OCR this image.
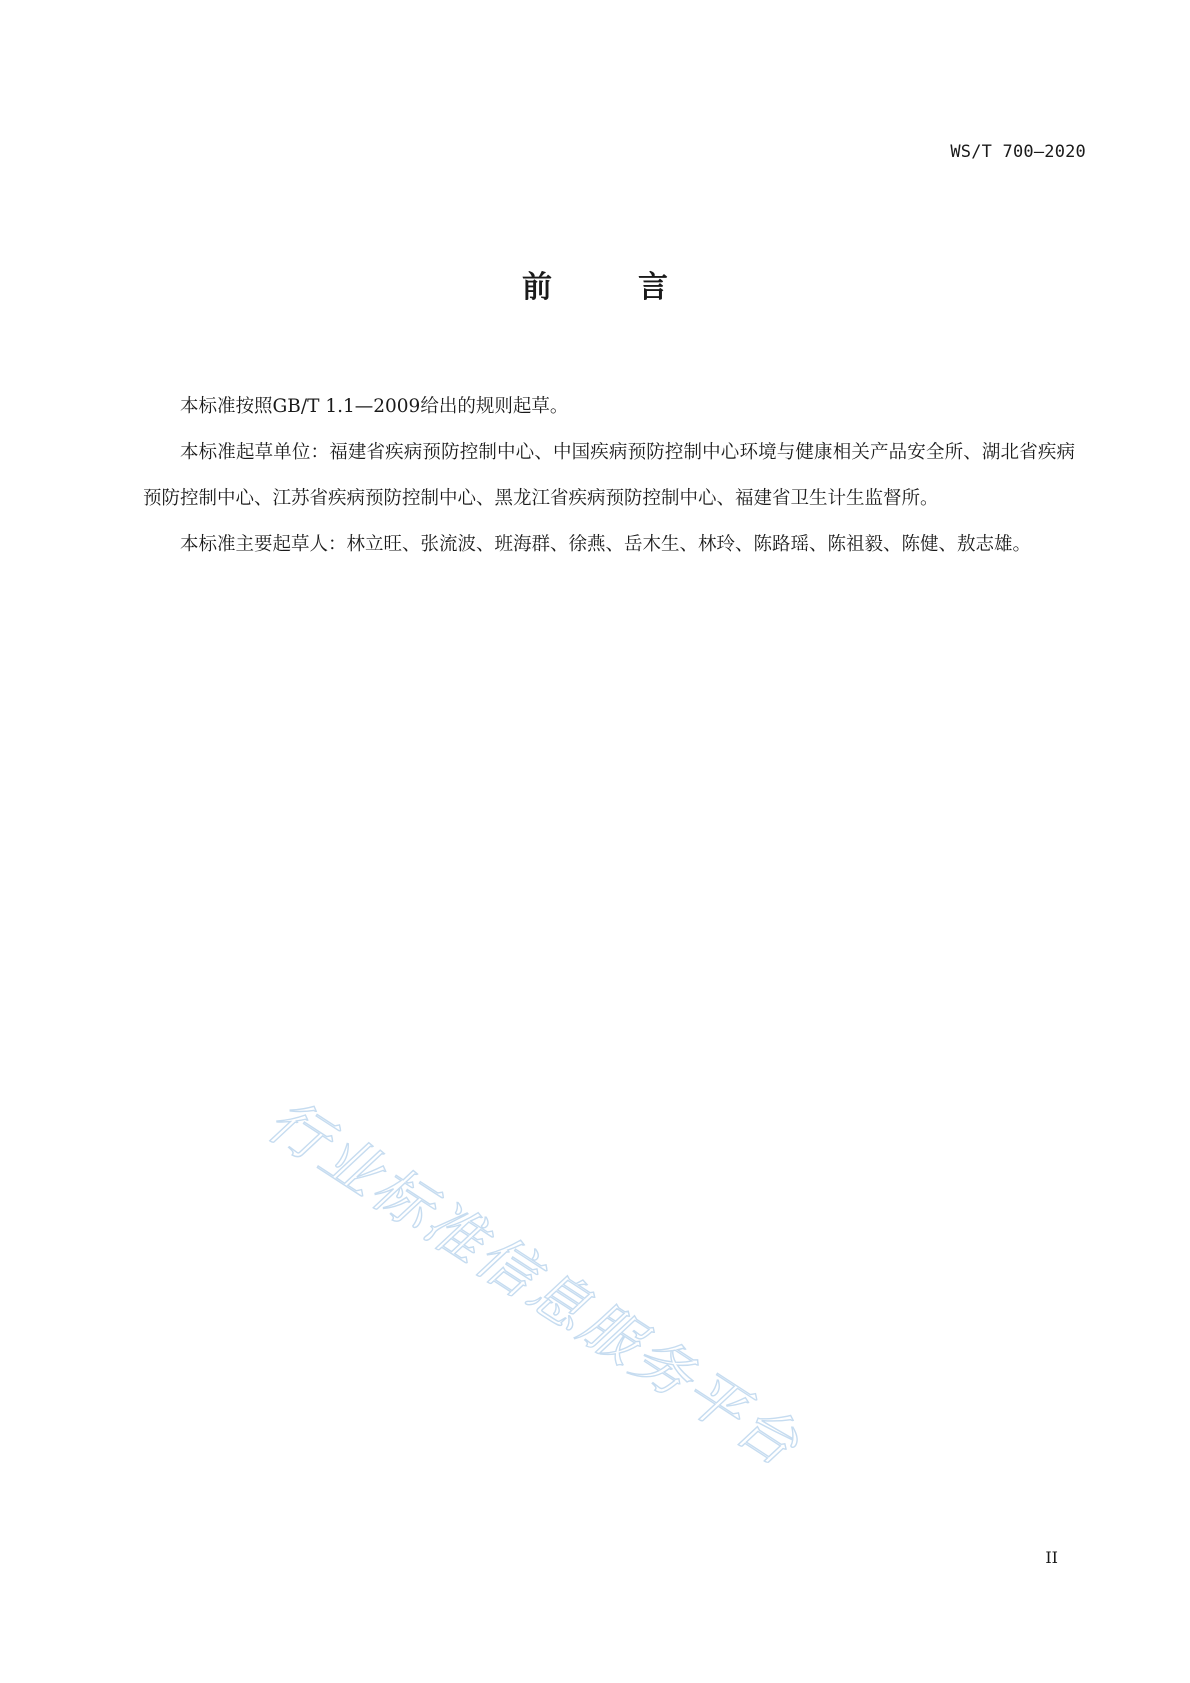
WS/T 700—2020
前　言

本标准按照GB/T 1.1—2009给出的规则起草。

本标准起草单位：福建省疾病预防控制中心、中国疾病预防控制中心环境与健康相关产品安全所、湖北省疾病预防控制中心、江苏省疾病预防控制中心、黑龙江省疾病预防控制中心、福建省卫生计生监督所。

本标准主要起草人：林立旺、张流波、班海群、徐燕、岳木生、林玲、陈路瑶、陈祖毅、陈健、敖志雄。

行业标准信息服务平台
II
